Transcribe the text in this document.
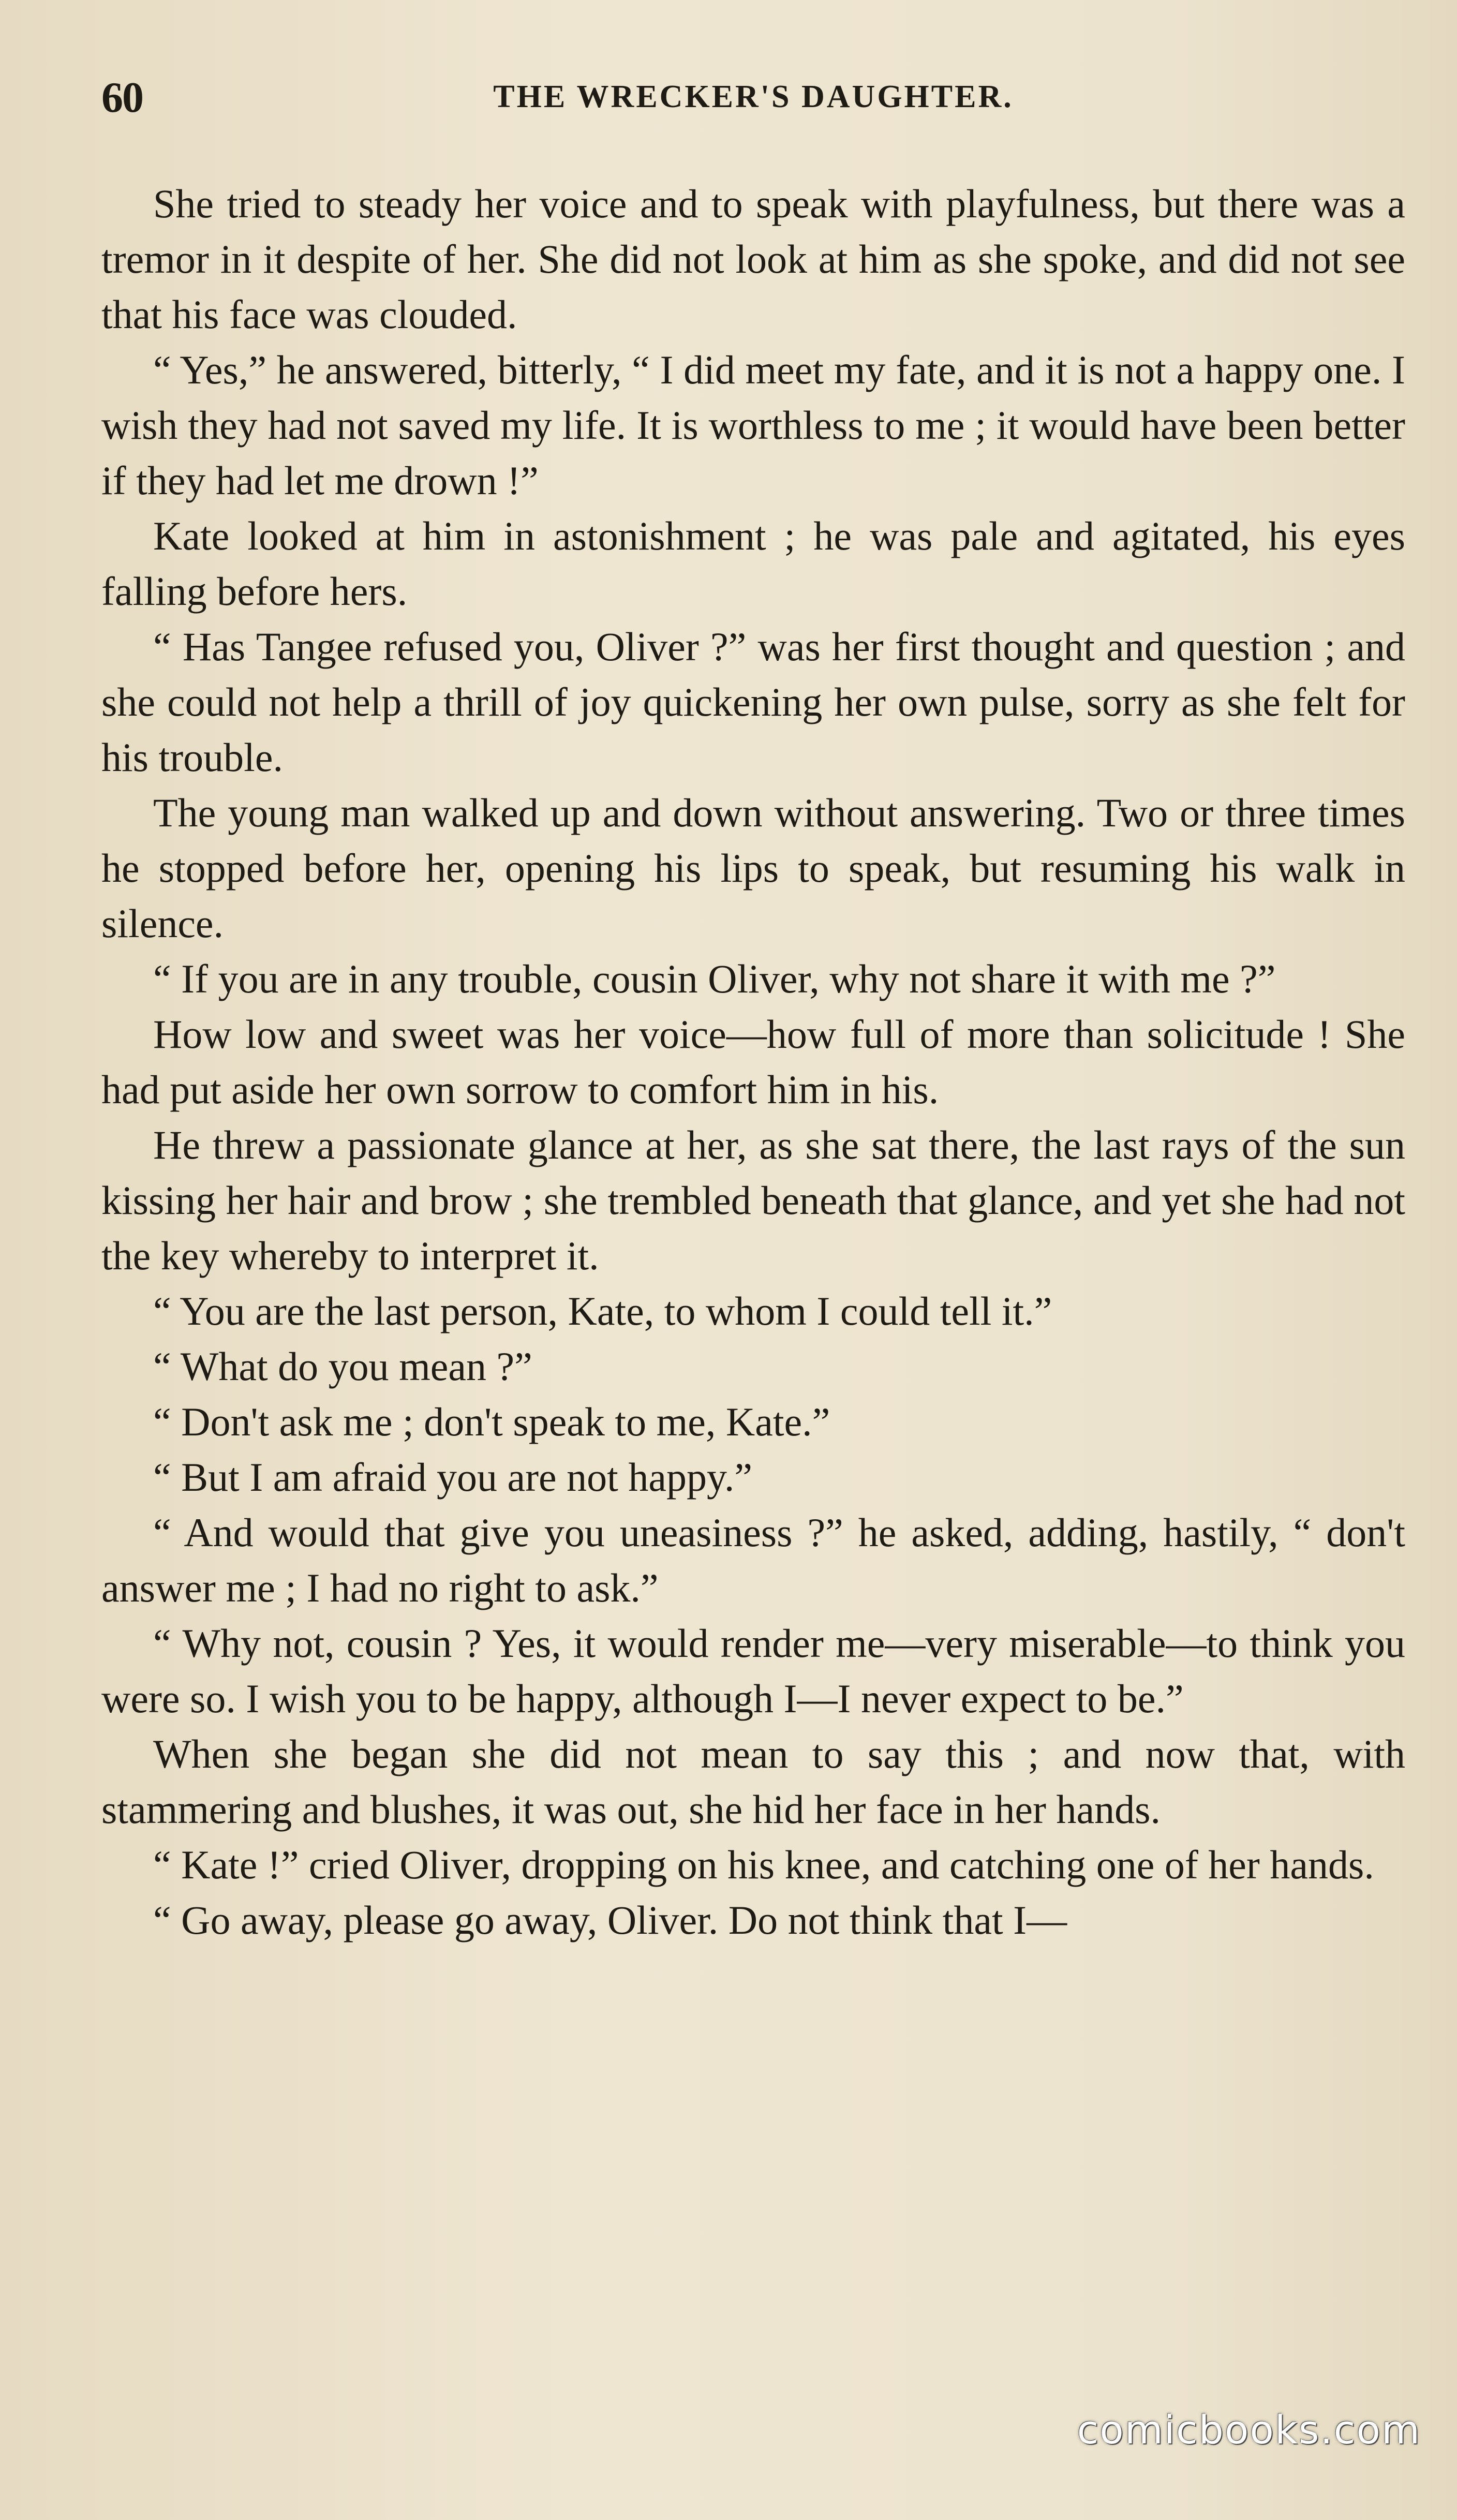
60	THE WRECKER'S DAUGHTER.

She tried to steady her voice and to speak with playfulness, but there was a tremor in it despite of her. She did not look at him as she spoke, and did not see that his face was clouded.

“ Yes,” he answered, bitterly, “ I did meet my fate, and it is not a happy one. I wish they had not saved my life. It is worthless to me ; it would have been better if they had let me drown !”

Kate looked at him in astonishment ; he was pale and agitated, his eyes falling before hers.

“ Has Tangee refused you, Oliver ?” was her first thought and question ; and she could not help a thrill of joy quickening her own pulse, sorry as she felt for his trouble.

The young man walked up and down without answering. Two or three times he stopped before her, opening his lips to speak, but resuming his walk in silence.

“ If you are in any trouble, cousin Oliver, why not share it with me ?”

How low and sweet was her voice—how full of more than solicitude ! She had put aside her own sorrow to comfort him in his.

He threw a passionate glance at her, as she sat there, the last rays of the sun kissing her hair and brow ; she trembled beneath that glance, and yet she had not the key whereby to interpret it.

“ You are the last person, Kate, to whom I could tell it.”

“ What do you mean ?”

“ Don't ask me ; don't speak to me, Kate.”

“ But I am afraid you are not happy.”

“ And would that give you uneasiness ?” he asked, adding, hastily, “ don't answer me ; I had no right to ask.”

“ Why not, cousin ? Yes, it would render me—very miserable—to think you were so. I wish you to be happy, although I—I never expect to be.”

When she began she did not mean to say this ; and now that, with stammering and blushes, it was out, she hid her face in her hands.

“ Kate !” cried Oliver, dropping on his knee, and catching one of her hands.

“ Go away, please go away, Oliver. Do not think that I—

comicbooks.com
